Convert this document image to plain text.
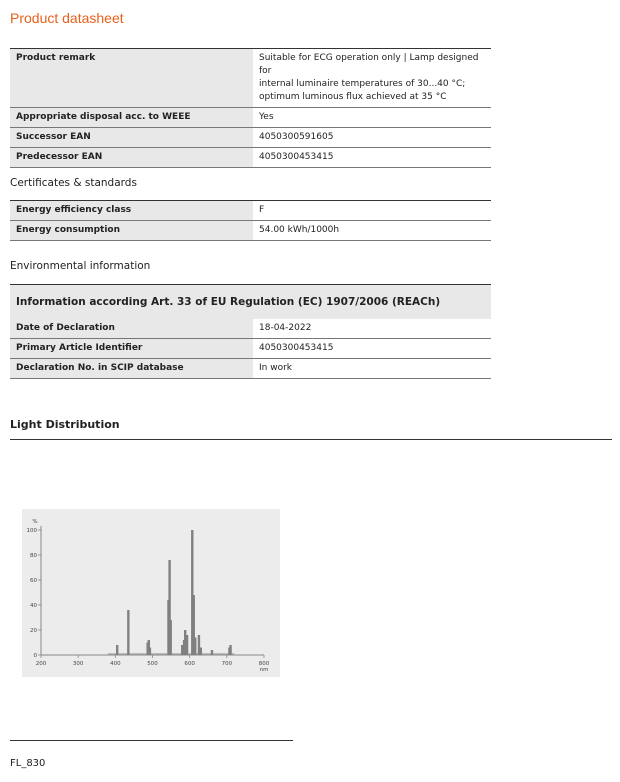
Product datasheet
Product remark	Suitable for ECG operation only | Lamp designed for
internal luminaire temperatures of 30...40 °C;
optimum luminous flux achieved at 35 °C

Appropriate disposal acc. to WEEE	Yes
Successor EAN	4050300591605
Predecessor EAN	4050300453415
Certificates & standards
Energy efficiency class	F
Energy consumption	54.00 kWh/1000h
Environmental information
Information according Art. 33 of EU Regulation (EC) 1907/2006 (REACh)
Date of Declaration	18-04-2022
Primary Article Identifier	4050300453415
Declaration No. in SCIP database	In work
Light Distribution
0
20
40
60
80
100
200	300	400	500	600	700	800
%
nm
FL_830
